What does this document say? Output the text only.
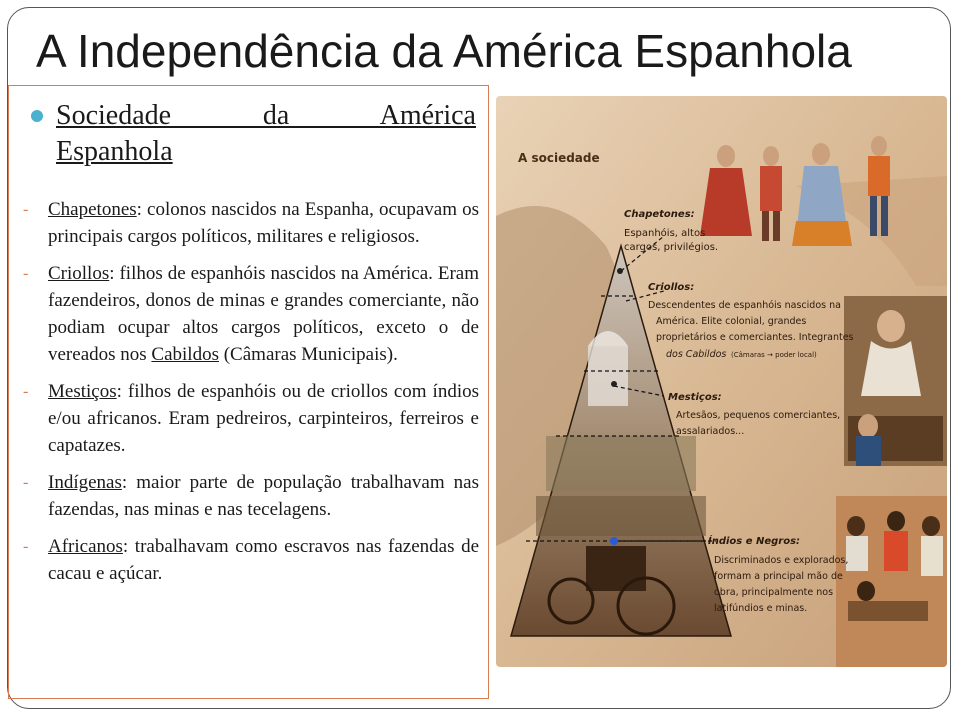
A Independência da América Espanhola
Sociedade da América
Espanhola
- Chapetones: colonos nascidos na Espanha, ocupavam os principais cargos políticos, militares e religiosos.
- Criollos: filhos de espanhóis nascidos na América. Eram fazendeiros, donos de minas e grandes comerciante, não podiam ocupar altos cargos políticos, exceto o de vereados nos Cabildos (Câmaras Municipais).
- Mestiços: filhos de espanhóis ou de criollos com índios e/ou africanos. Eram pedreiros, carpinteiros, ferreiros e capatazes.
- Indígenas: maior parte de população trabalhavam nas fazendas, nas minas e nas tecelagens.
- Africanos: trabalhavam como escravos nas fazendas de cacau e açúcar.
A sociedade
Chapetones:
Espanhóis, altos
cargos, privilégios.
Criollos:
Descendentes de espanhóis nascidos na
América. Elite colonial, grandes
proprietários e comerciantes. Integrantes
dos Cabildos (Câmaras → poder local)
Mestiços:
Artesãos, pequenos comerciantes,
assalariados...
Índios e Negros:
Discriminados e explorados,
formam a principal mão de
obra, principalmente nos
latifúndios e minas.
